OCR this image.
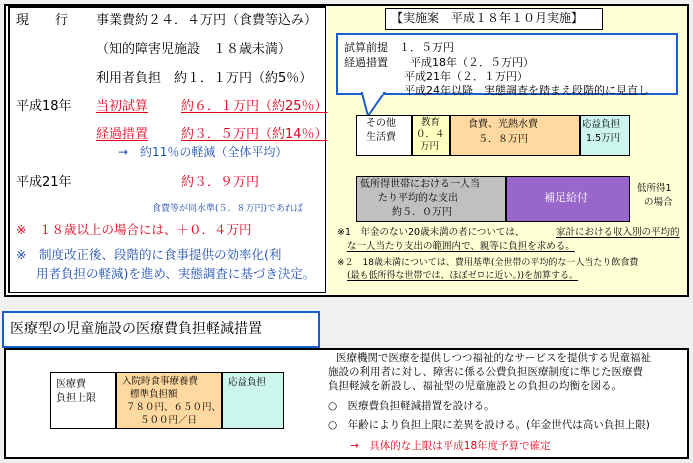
現　　行 事業費約２４．４万円（食費等込み）
（知的障害児施設　１８歳未満）
利用者負担　約１．１万円（約5％）
平成18年 当初試算	約６．１万円（約25％）
経過措置	約３．５万円（約14％）
→　約11％の軽減（全体平均）
平成21年	約３．９万円
食費等が同水準(５．８万円)であれば
※　１８歳以上の場合には、＋０．４万円
※　制度改正後、段階的に食事提供の効率化(利
用者負担の軽減)を進め、実態調査に基づき決定。
【実施案　平成１８年１０月実施】
試算前提　１．５万円
経過措置　　平成18年（２．５万円）
平成21年（２．１万円）
平成24年以降　実態調査を踏まえ段階的に見直し
その他
生活費
教育
０．４
万円
食費、光熱水費
５．８万円
応益負担
1.5万円
低所得世帯における一人当
たり平均的な支出
約５．０万円
補足給付
低所得1
の場合
※1　年金のない20歳未満の者については、	家計における収入別の平均的
な一人当たり支出の範囲内で、親等に負担を求める。
※２　18歳未満については、費用基準(全世帯の平均的な一人当たり飲食費
(最も低所得な世帯では、ほぼゼロに近い。))を加算する。
医療型の児童施設の医療費負担軽減措置
医療費
負担上限
入院時食事療養費
標準負担額
７８０円、６５０円、
５００円／日
応益負担
医療機関で医療を提供しつつ福祉的なサービスを提供する児童福祉
施設の利用者に対し、障害に係る公費負担医療制度に準じた医療費
負担軽減を新設し、福祉型の児童施設との負担の均衡を図る。
○　医療費負担軽減措置を設ける。
○　年齢により負担上限に差異を設ける。(年金世代は高い負担上限)
→　具体的な上限は平成18年度予算で確定
